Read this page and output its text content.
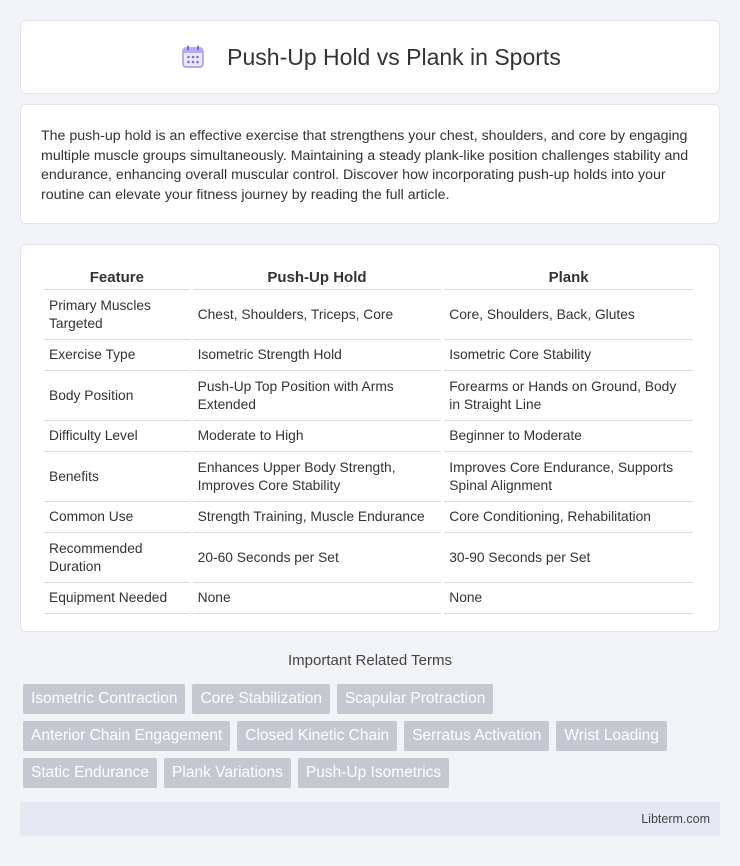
Push-Up Hold vs Plank in Sports

The push-up hold is an effective exercise that strengthens your chest, shoulders, and core by engaging multiple muscle groups simultaneously. Maintaining a steady plank-like position challenges stability and endurance, enhancing overall muscular control. Discover how incorporating push-up holds into your routine can elevate your fitness journey by reading the full article.

Feature	Push-Up Hold	Plank
Primary Muscles Targeted	Chest, Shoulders, Triceps, Core	Core, Shoulders, Back, Glutes
Exercise Type	Isometric Strength Hold	Isometric Core Stability
Body Position	Push-Up Top Position with Arms Extended	Forearms or Hands on Ground, Body in Straight Line
Difficulty Level	Moderate to High	Beginner to Moderate
Benefits	Enhances Upper Body Strength, Improves Core Stability	Improves Core Endurance, Supports Spinal Alignment
Common Use	Strength Training, Muscle Endurance	Core Conditioning, Rehabilitation
Recommended Duration	20-60 Seconds per Set	30-90 Seconds per Set
Equipment Needed	None	None
Important Related Terms
Isometric Contraction	Core Stabilization	Scapular Protraction
Anterior Chain Engagement	Closed Kinetic Chain	Serratus Activation	Wrist Loading
Static Endurance	Plank Variations	Push-Up Isometrics
Libterm.com
